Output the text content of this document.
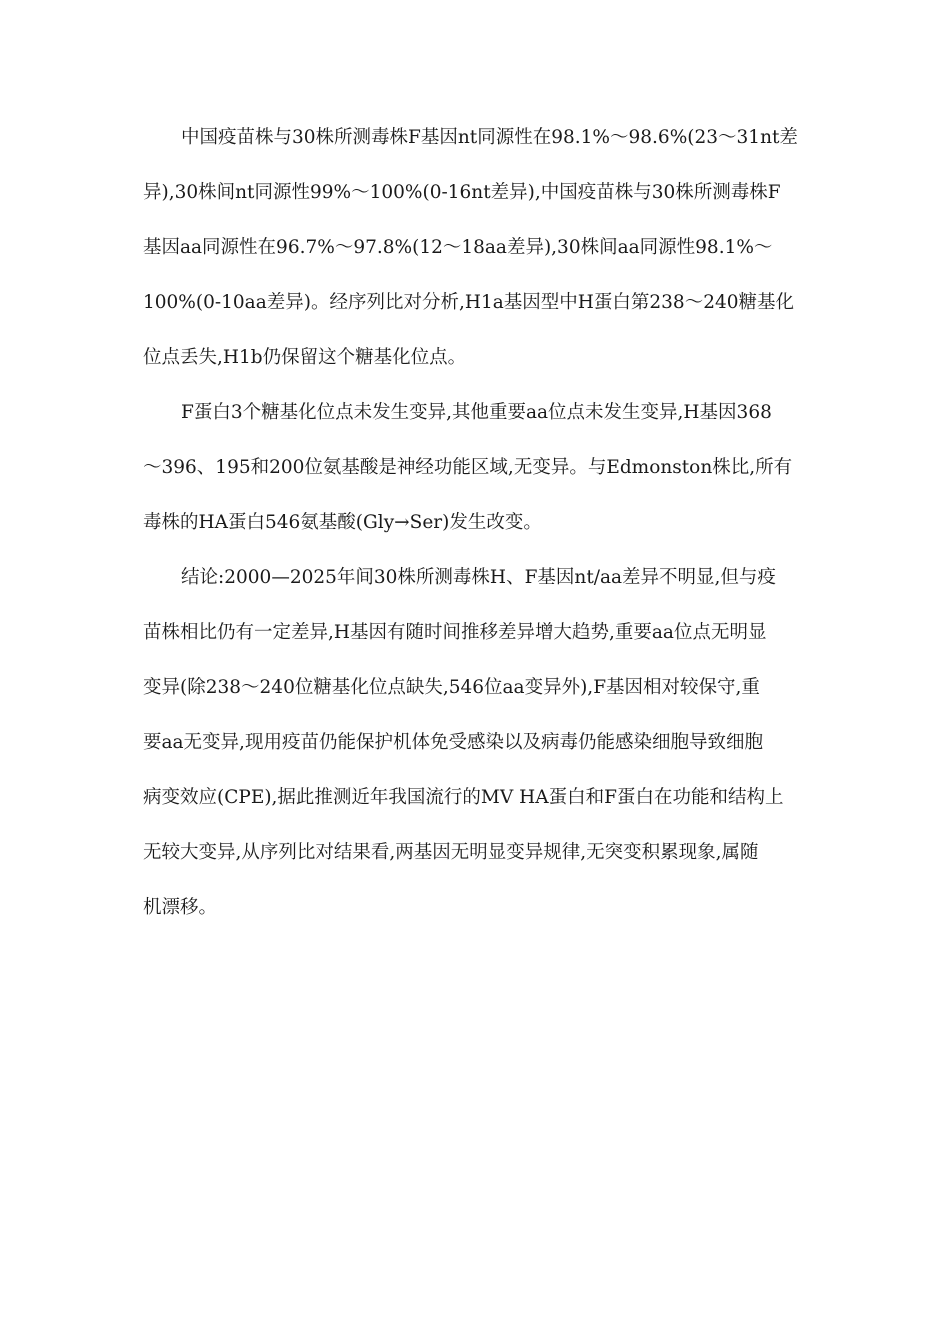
中国疫苗株与30株所测毒株F基因nt同源性在98.1%～98.6%(23～31nt差
异),30株间nt同源性99%～100%(0-16nt差异),中国疫苗株与30株所测毒株F
基因aa同源性在96.7%～97.8%(12～18aa差异),30株间aa同源性98.1%～
100%(0-10aa差异)。经序列比对分析,H1a基因型中H蛋白第238～240糖基化
位点丢失,H1b仍保留这个糖基化位点。
F蛋白3个糖基化位点未发生变异,其他重要aa位点未发生变异,H基因368
～396、195和200位氨基酸是神经功能区域,无变异。与Edmonston株比,所有
毒株的HA蛋白546氨基酸(Gly→Ser)发生改变。
结论:2000—2025年间30株所测毒株H、F基因nt/aa差异不明显,但与疫
苗株相比仍有一定差异,H基因有随时间推移差异增大趋势,重要aa位点无明显
变异(除238～240位糖基化位点缺失,546位aa变异外),F基因相对较保守,重
要aa无变异,现用疫苗仍能保护机体免受感染以及病毒仍能感染细胞导致细胞
病变效应(CPE),据此推测近年我国流行的MV HA蛋白和F蛋白在功能和结构上
无较大变异,从序列比对结果看,两基因无明显变异规律,无突变积累现象,属随
机漂移。
